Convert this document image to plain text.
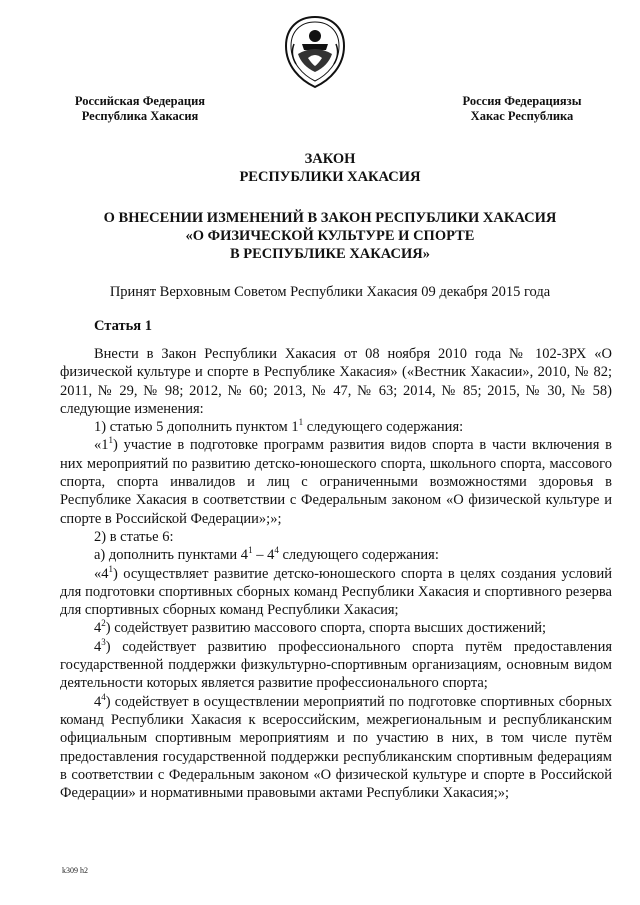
Российская Федерация
Республика Хакасия
Россия Федерациязы
Хакас Республика
ЗАКОН
РЕСПУБЛИКИ ХАКАСИЯ
О ВНЕСЕНИИ ИЗМЕНЕНИЙ В ЗАКОН РЕСПУБЛИКИ ХАКАСИЯ
«О ФИЗИЧЕСКОЙ КУЛЬТУРЕ И СПОРТЕ
В РЕСПУБЛИКЕ ХАКАСИЯ»
Принят Верховным Советом Республики Хакасия 09 декабря 2015 года
Статья 1

Внести в Закон Республики Хакасия от 08 ноября 2010 года № 102-ЗРХ «О физической культуре и спорте в Республике Хакасия» («Вестник Хакасии», 2010, № 82; 2011, № 29, № 98; 2012, № 60; 2013, № 47, № 63; 2014, № 85; 2015, № 30, № 58) следующие изменения:

1) статью 5 дополнить пунктом $1^1$ следующего содержания:

«$1^1$) участие в подготовке программ развития видов спорта в части включения в них мероприятий по развитию детско-юношеского спорта, школьного спорта, массового спорта, спорта инвалидов и лиц с ограниченными возможностями здоровья в Республике Хакасия в соответствии с Федеральным законом «О физической культуре и спорте в Российской Федерации»;»;

2) в статье 6:

а) дополнить пунктами $4^1 - 4^4$ следующего содержания:

«$4^1$) осуществляет развитие детско-юношеского спорта в целях создания условий для подготовки спортивных сборных команд Республики Хакасия и спортивного резерва для спортивных сборных команд Республики Хакасия;

$4^2$) содействует развитию массового спорта, спорта высших достижений;

$4^3$) содействует развитию профессионального спорта путём предоставления государственной поддержки физкультурно-спортивным организациям, основным видом деятельности которых является развитие профессионального спорта;

$4^4$) содействует в осуществлении мероприятий по подготовке спортивных сборных команд Республики Хакасия к всероссийским, межрегиональным и республиканским официальным спортивным мероприятиям и по участию в них, в том числе путём предоставления государственной поддержки республиканским спортивным федерациям в соответствии с Федеральным законом «О физической культуре и спорте в Российской Федерации» и нормативными правовыми актами Республики Хакасия;»;

k309 h2
